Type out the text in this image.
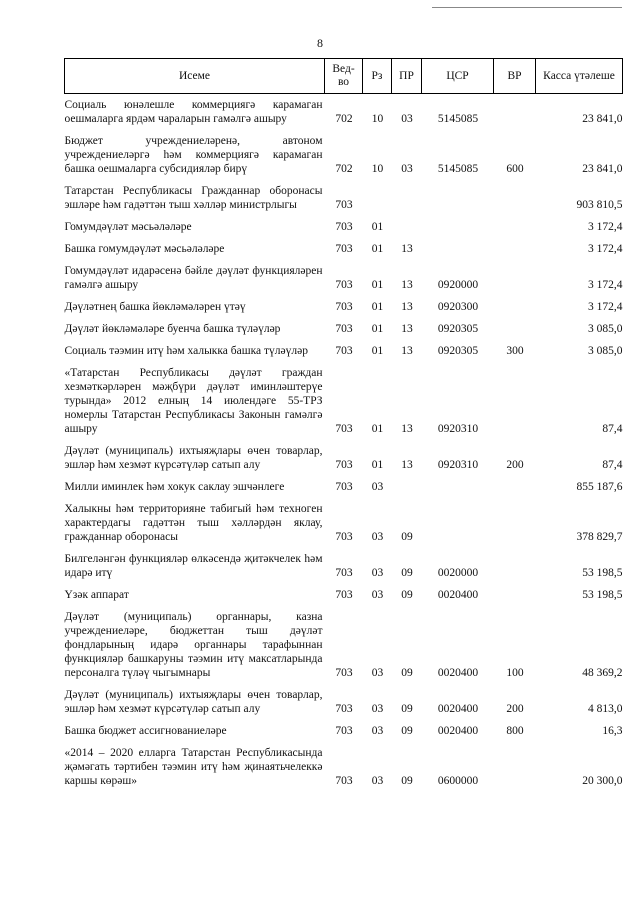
8
Исеме	Вед-во	Рз	ПР	ЦСР	ВР	Касса үтәлеше
Социаль юнәлешле коммерциягә карамаган оешмаларга ярдәм чараларын гамәлгә ашыру	702	10	03	5145085		23 841,0
Бюджет учреждениеләренә, автоном учреждениеләргә һәм коммерциягә карамаган башка оешмаларга субсидияләр бирү	702	10	03	5145085	600	23 841,0
Татарстан Республикасы Гражданнар оборонасы эшләре һәм гадәттән тыш хәлләр министрлыгы	703					903 810,5
Гомумдәүләт мәсьәләләре	703	01				3 172,4
Башка гомумдәүләт мәсьәләләре	703	01	13			3 172,4
Гомумдәүләт идарәсенә бәйле дәүләт функцияләрен гамәлгә ашыру	703	01	13	0920000		3 172,4
Дәүләтнең башка йөкләмәләрен үтәү	703	01	13	0920300		3 172,4
Дәүләт йөкләмәләре буенча башка түләүләр	703	01	13	0920305		3 085,0
Социаль тәэмин итү һәм халыкка башка түләүләр	703	01	13	0920305	300	3 085,0
«Татарстан Республикасы дәүләт граждан хезмәткәрләрен мәҗбүри дәүләт иминләштерүе турында» 2012 елның 14 июлендәге 55-ТРЗ номерлы Татарстан Республикасы Законын гамәлгә ашыру	703	01	13	0920310		87,4
Дәүләт (муниципаль) ихтыяҗлары өчен товарлар, эшләр һәм хезмәт күрсәтүләр сатып алу	703	01	13	0920310	200	87,4
Милли иминлек һәм хокук саклау эшчәнлеге	703	03				855 187,6
Халыкны һәм территорияне табигый һәм техноген характердагы гадәттән тыш хәлләрдән яклау, гражданнар оборонасы	703	03	09			378 829,7
Билгеләнгән функцияләр өлкәсендә җитәкчелек һәм идарә итү	703	03	09	0020000		53 198,5
Үзәк аппарат	703	03	09	0020400		53 198,5
Дәүләт (муниципаль) органнары, казна учреждениеләре, бюджеттан тыш дәүләт фондларының идарә органнары тарафыннан функцияләр башкаруны тәэмин итү максатларында персоналга түләү чыгымнары	703	03	09	0020400	100	48 369,2
Дәүләт (муниципаль) ихтыяҗлары өчен товарлар, эшләр һәм хезмәт күрсәтүләр сатып алу	703	03	09	0020400	200	4 813,0
Башка бюджет ассигнованиеләре	703	03	09	0020400	800	16,3
«2014 – 2020 елларга Татарстан Республикасында җәмәгать тәртибен тәэмин итү һәм җинаятьчелеккә каршы көрәш»	703	03	09	0600000		20 300,0
